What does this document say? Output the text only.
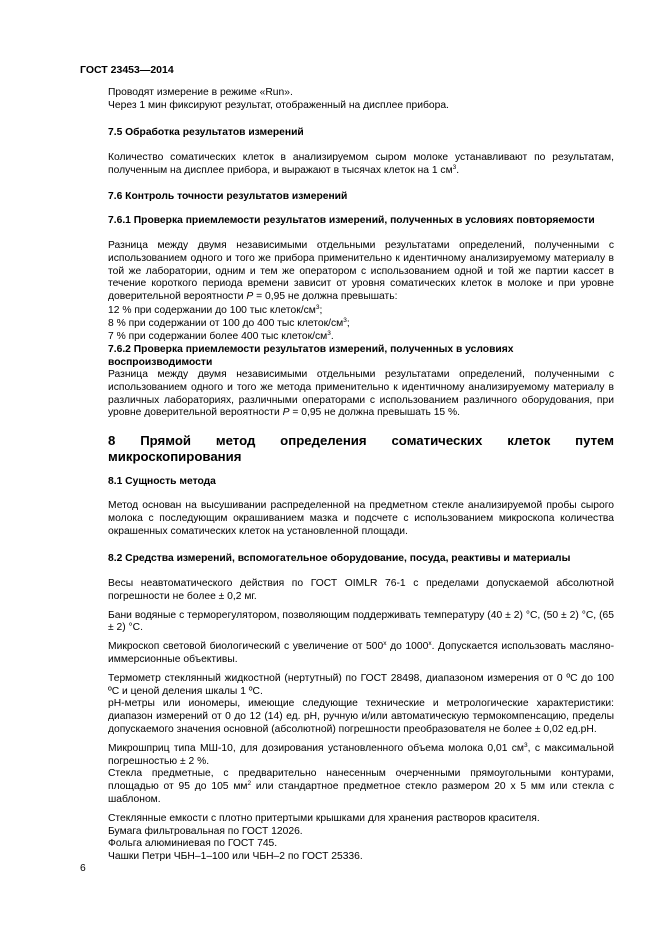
ГОСТ 23453—2014

Проводят измерение в режиме «Run».

Через 1 мин фиксируют результат, отображенный на дисплее прибора.

7.5 Обработка результатов измерений

Количество соматических клеток в анализируемом сыром молоке устанавливают по результатам, полученным на дисплее прибора, и выражают в тысячах клеток на 1 $см^3$.

7.6 Контроль точности результатов измерений
7.6.1 Проверка приемлемости результатов измерений, полученных в условиях повторяемости

Разница между двумя независимыми отдельными результатами определений, полученными с использованием одного и того же прибора применительно к идентичному анализируемому материалу в той же лаборатории, одним и тем же оператором с использованием одной и той же партии кассет в течение короткого периода времени зависит от уровня соматических клеток в молоке и при уровне доверительной вероятности P = 0,95 не должна превышать:

12 % при содержании до 100 тыс клеток/$см^3$;

8 % при содержании от 100 до 400 тыс клеток/$см^3$;

7 % при содержании более 400 тыс клеток/$см^3$.

7.6.2 Проверка приемлемости результатов измерений, полученных в условиях воспроизводимости

Разница между двумя независимыми отдельными результатами определений, полученными с использованием одного и того же метода применительно к идентичному анализируемому материалу в различных лабораториях, различными операторами с использованием различного оборудования, при уровне доверительной вероятности P = 0,95 не должна превышать 15 %.

8 Прямой метод определения соматических клеток путем микроскопирования
8.1 Сущность метода

Метод основан на высушивании распределенной на предметном стекле анализируемой пробы сырого молока с последующим окрашиванием мазка и подсчете с использованием микроскопа количества окрашенных соматических клеток на установленной площади.

8.2 Средства измерений, вспомогательное оборудование, посуда, реактивы и материалы

Весы неавтоматического действия по ГОСТ OIMLR 76-1 с пределами допускаемой абсолютной погрешности не более ± 0,2 мг.

Бани водяные с терморегулятором, позволяющим поддерживать температуру (40 ± 2) °С, (50 ± 2) °С, (65 ± 2) °С.

Микроскоп световой биологический с увеличение от $500^х$ до $1000^х$. Допускается использовать масляно-иммерсионные объективы.

Термометр стеклянный жидкостной (нертутный) по ГОСТ 28498, диапазоном измерения от 0 ºС до 100 ºС и ценой деления шкалы 1 ºС.

рН-метры или иономеры, имеющие следующие технические и метрологические характеристики: диапазон измерений от 0 до 12 (14) ед. рН, ручную и/или автоматическую термокомпенсацию, пределы допускаемого значения основной (абсолютной) погрешности преобразователя не более ± 0,02 ед.рН.

Микрошприц типа МШ-10, для дозирования установленного объема молока 0,01 $см^3$, с максимальной погрешностью ± 2 %.

Стекла предметные, с предварительно нанесенным очерченными прямоугольными контурами, площадью от 95 до 105 $мм^2$ или стандартное предметное стекло размером 20 х 5 мм или стекла с шаблоном.

Стеклянные емкости с плотно притертыми крышками для хранения растворов красителя.

Бумага фильтровальная по ГОСТ 12026.

Фольга алюминиевая по ГОСТ 745.

Чашки Петри ЧБН–1–100 или ЧБН–2 по ГОСТ 25336.

6
